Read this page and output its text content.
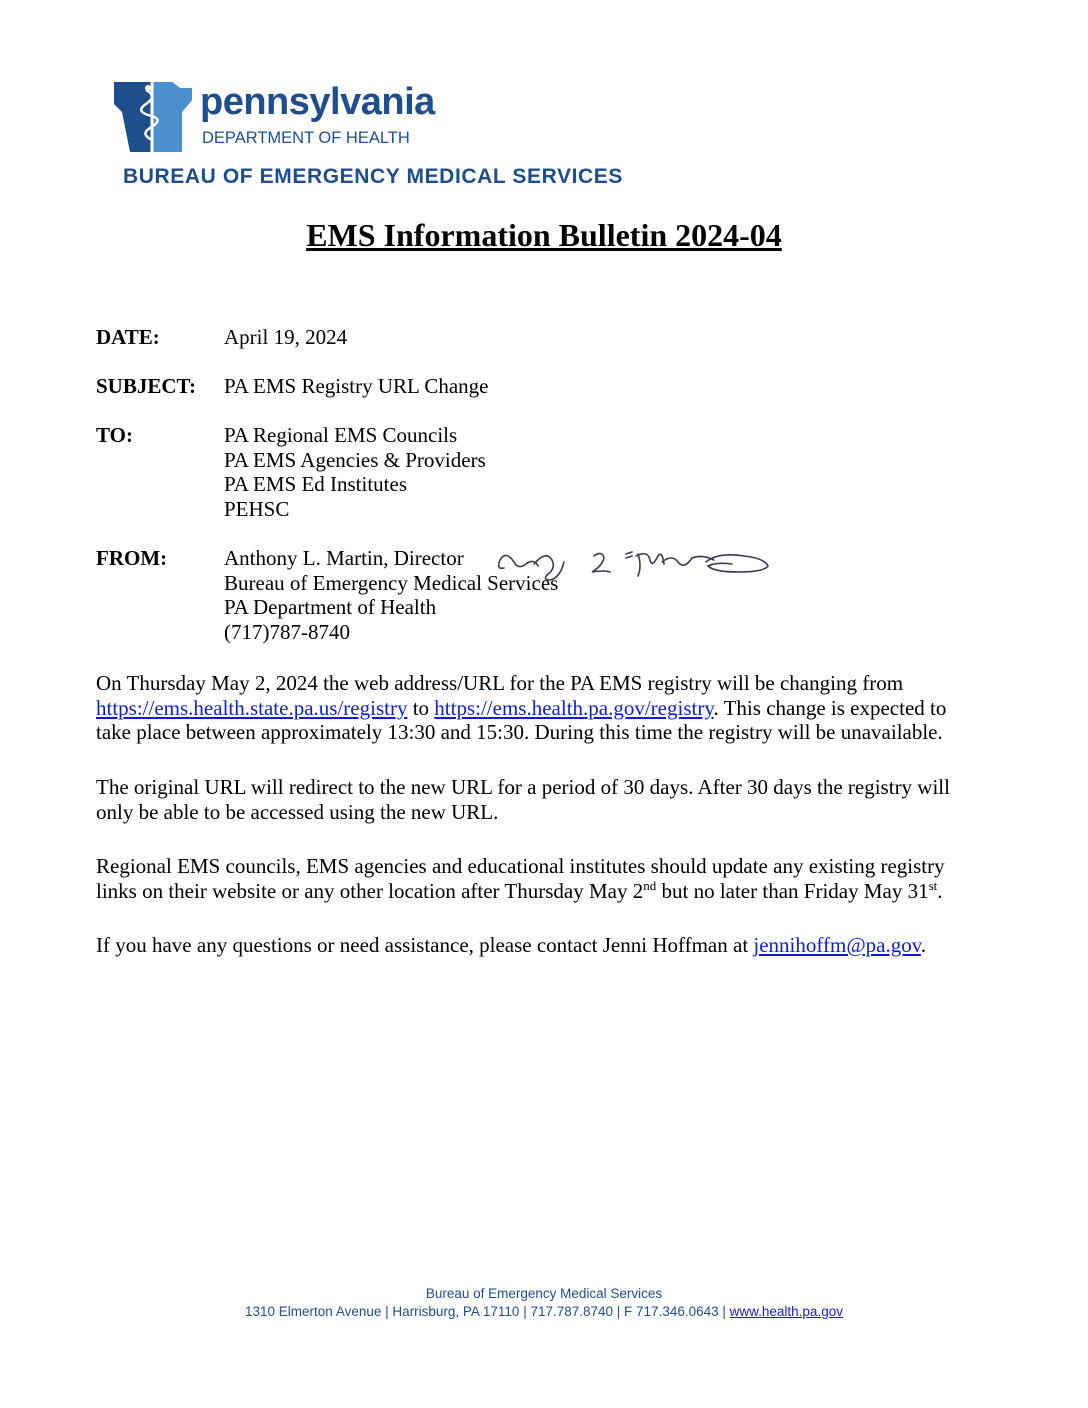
pennsylvania
DEPARTMENT OF HEALTH
BUREAU OF EMERGENCY MEDICAL SERVICES
EMS Information Bulletin 2024-04
DATE:	April 19, 2024
SUBJECT: PA EMS Registry URL Change
TO:	PA Regional EMS Councils
PA EMS Agencies & Providers
PA EMS Ed Institutes
PEHSC
FROM:	Anthony L. Martin, Director
Bureau of Emergency Medical Services
PA Department of Health
(717)787-8740
On Thursday May 2, 2024 the web address/URL for the PA EMS registry will be changing from
https://ems.health.state.pa.us/registry to https://ems.health.pa.gov/registry. This change is expected to
take place between approximately 13:30 and 15:30. During this time the registry will be unavailable.
The original URL will redirect to the new URL for a period of 30 days. After 30 days the registry will
only be able to be accessed using the new URL.
Regional EMS councils, EMS agencies and educational institutes should update any existing registry
links on their website or any other location after Thursday May 2nd but no later than Friday May 31st.
If you have any questions or need assistance, please contact Jenni Hoffman at jennihoffm@pa.gov.
Bureau of Emergency Medical Services
1310 Elmerton Avenue | Harrisburg, PA 17110 | 717.787.8740 | F 717.346.0643 | www.health.pa.gov
